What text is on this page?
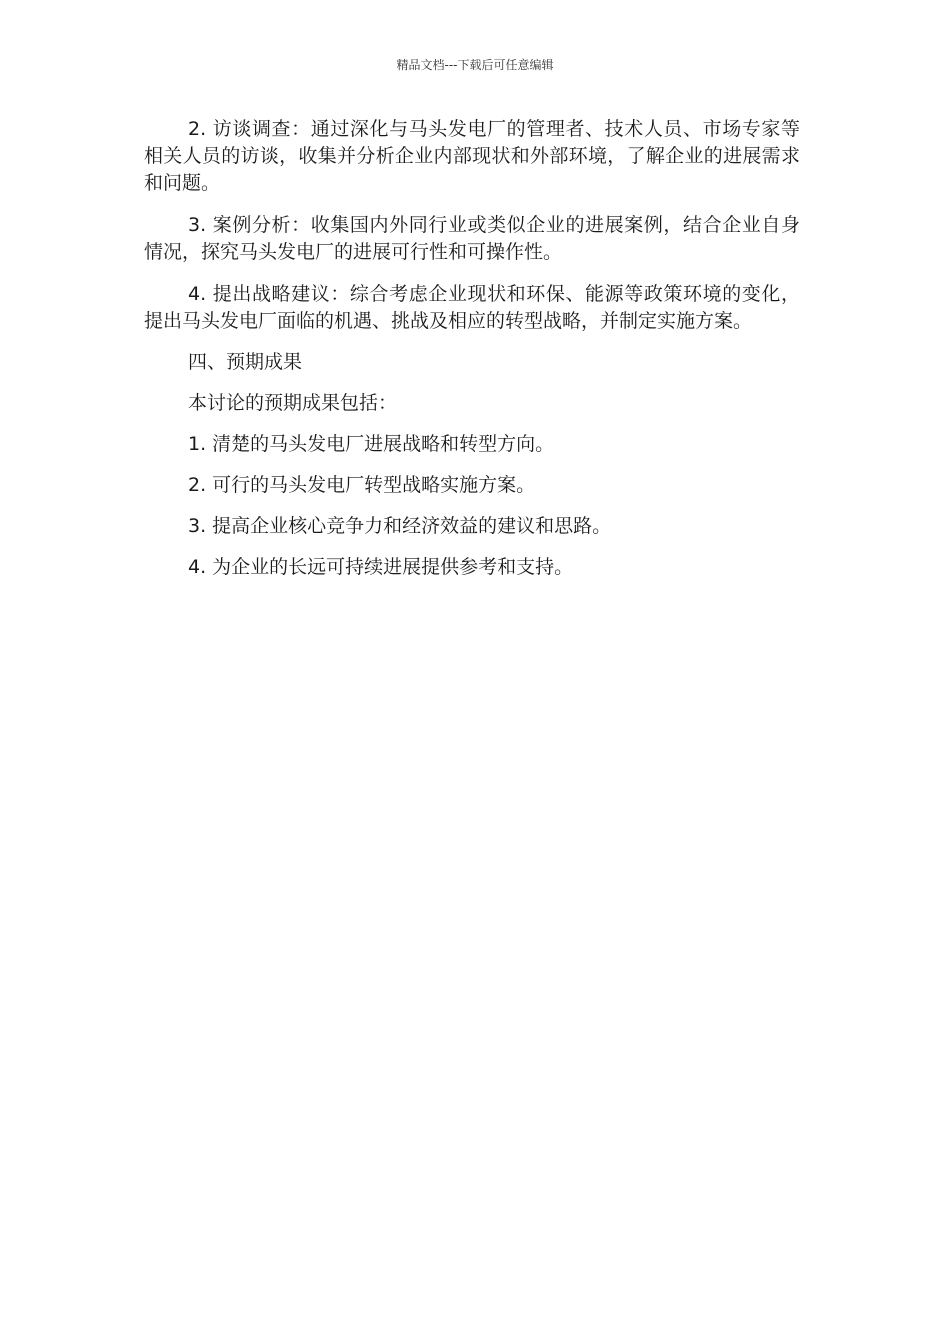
精品文档---下载后可任意编辑

2. 访谈调查：通过深化与马头发电厂的管理者、技术人员、市场专家等相关人员的访谈，收集并分析企业内部现状和外部环境，了解企业的进展需求和问题。

3. 案例分析：收集国内外同行业或类似企业的进展案例，结合企业自身情况，探究马头发电厂的进展可行性和可操作性。

4. 提出战略建议：综合考虑企业现状和环保、能源等政策环境的变化，提出马头发电厂面临的机遇、挑战及相应的转型战略，并制定实施方案。

四、预期成果

本讨论的预期成果包括：

1. 清楚的马头发电厂进展战略和转型方向。

2. 可行的马头发电厂转型战略实施方案。

3. 提高企业核心竞争力和经济效益的建议和思路。

4. 为企业的长远可持续进展提供参考和支持。
